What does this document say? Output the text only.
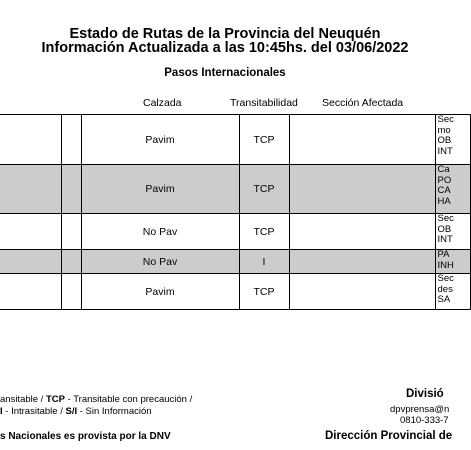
Estado de Rutas de la Provincia del Neuquén
Información Actualizada a las 10:45hs. del 03/06/2022
Pasos Internacionales
Calzada	Transitabilidad Sección Afectada
		Pavim	TCP		Sec
mo
OB
INT

		Pavim	TCP		Ca
PO
CA
HA

		No Pav	TCP		Sec
OB
INT

		No Pav	I		PA
INH

		Pavim	TCP		Sec
des
SA
ansitable / TCP - Transitable con precaución /
I - Intrasitable / S/I - Sin Información
s Nacionales es provista por la DNV
Divisió
dpvprensa@n
0810-333-7
Dirección Provincial de
